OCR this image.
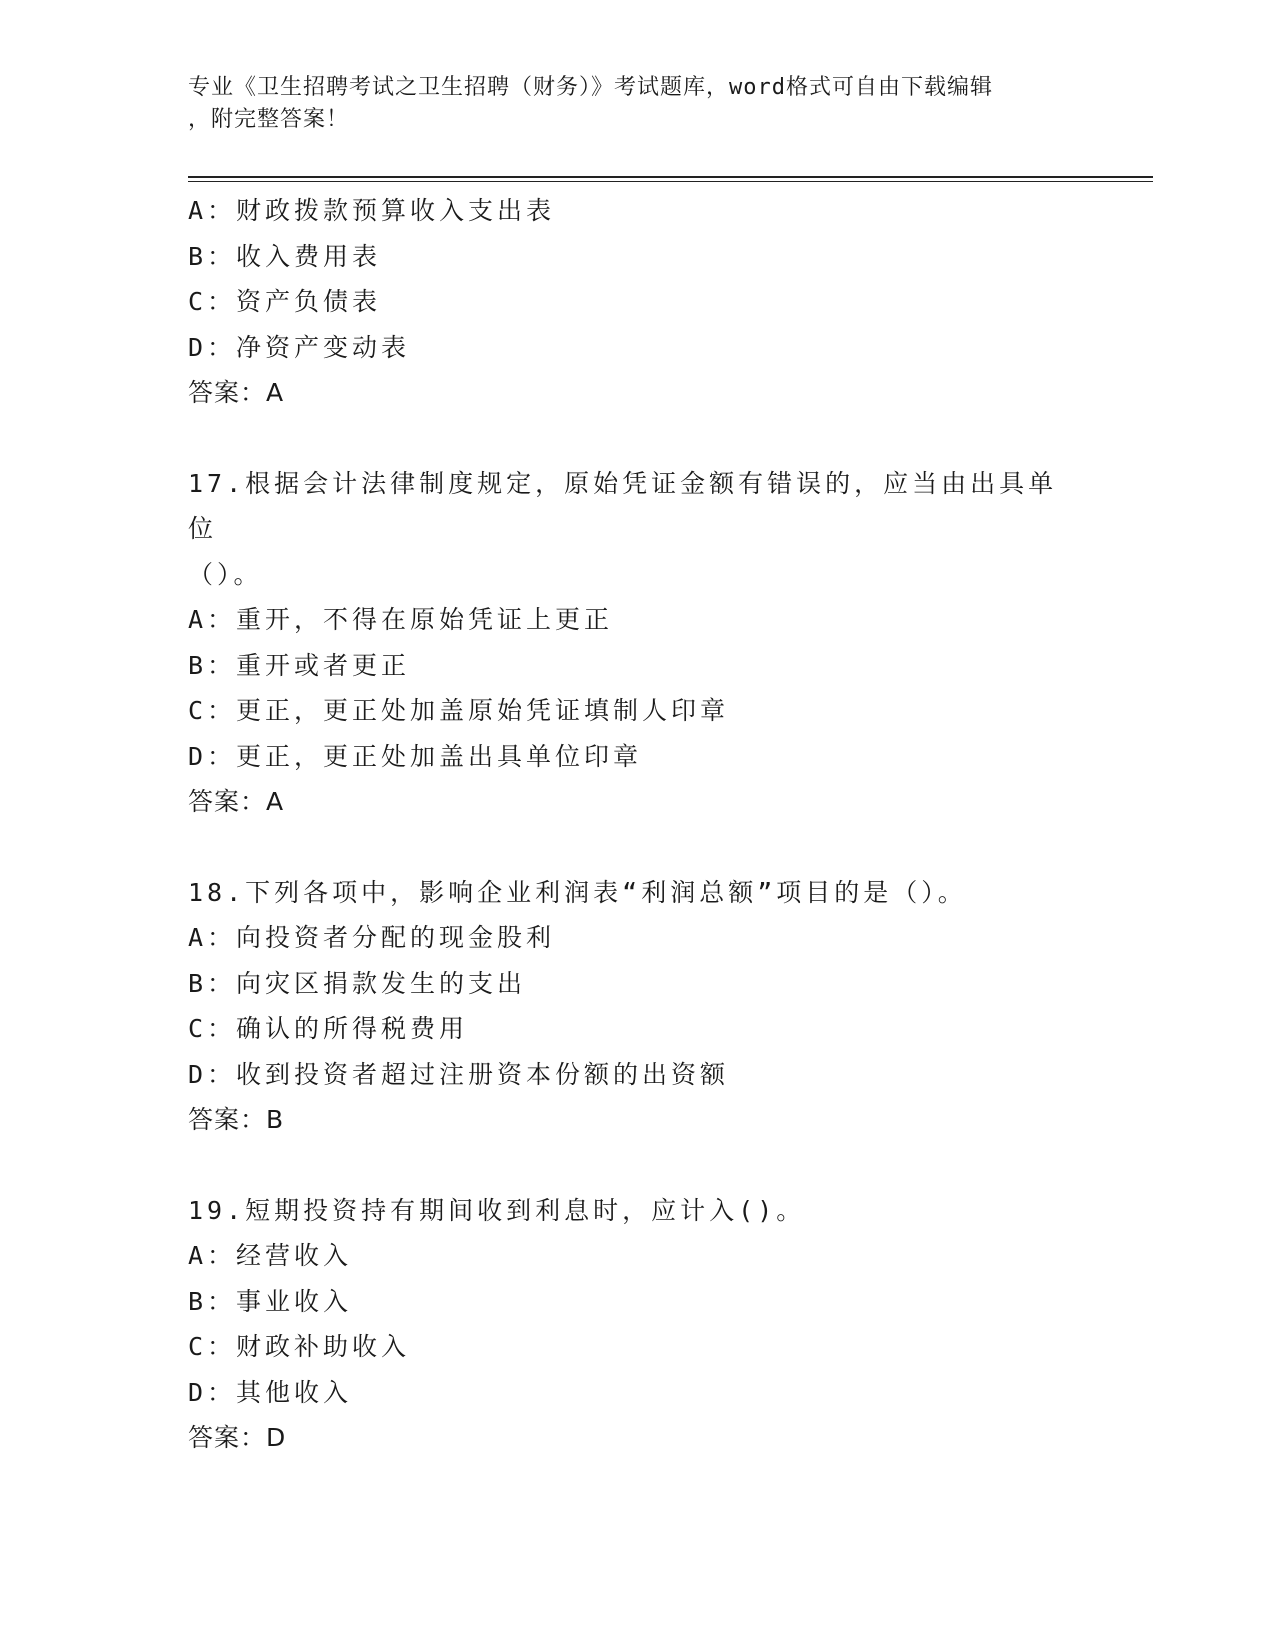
专业《卫生招聘考试之卫生招聘（财务）》考试题库，word格式可自由下载编辑
，附完整答案！
A：财政拨款预算收入支出表
B：收入费用表
C：资产负债表
D：净资产变动表
答案：A
17.根据会计法律制度规定，原始凭证金额有错误的，应当由出具单位
（）。
A：重开，不得在原始凭证上更正
B：重开或者更正
C：更正，更正处加盖原始凭证填制人印章
D：更正，更正处加盖出具单位印章
答案：A
18.下列各项中，影响企业利润表“利润总额”项目的是（）。
A：向投资者分配的现金股利
B：向灾区捐款发生的支出
C：确认的所得税费用
D：收到投资者超过注册资本份额的出资额
答案：B
19.短期投资持有期间收到利息时，应计入()。
A：经营收入
B：事业收入
C：财政补助收入
D：其他收入
答案：D
